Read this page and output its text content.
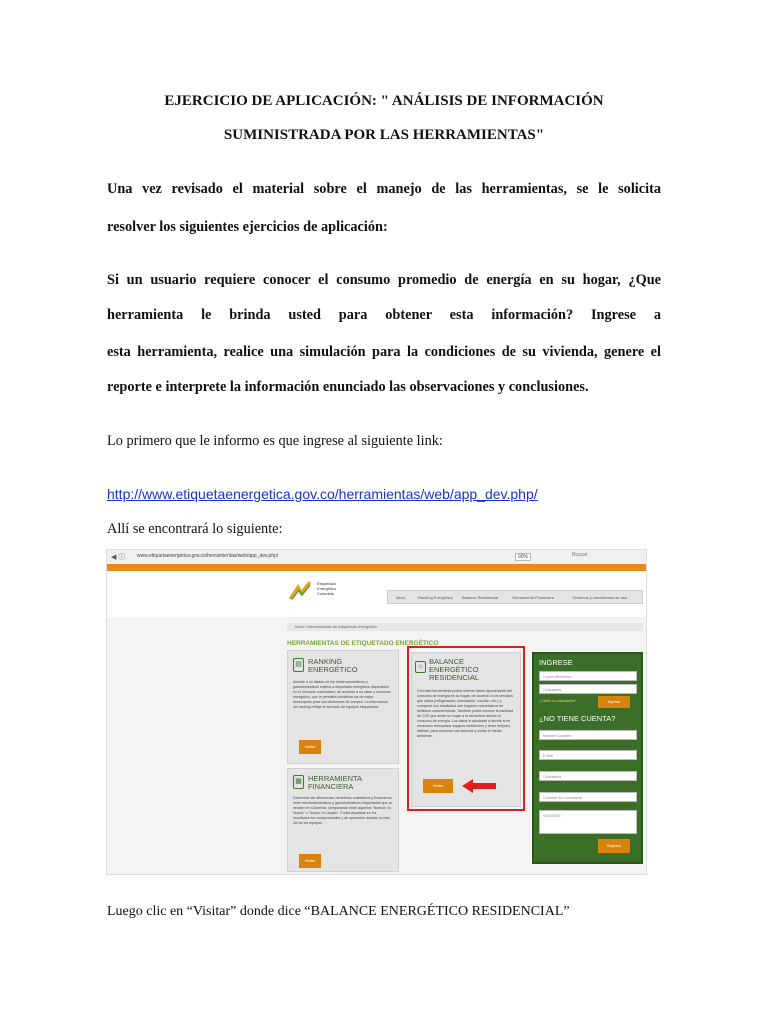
EJERCICIO DE APLICACIÓN: " ANÁLISIS DE INFORMACIÓN

SUMINISTRADA POR LAS HERRAMIENTAS"

Una vez revisado el material sobre el manejo de las herramientas, se le solicita

resolver los siguientes ejercicios de aplicación:

Si un usuario requiere conocer el consumo promedio de energía en su hogar, ¿Que

herramienta le brinda usted para obtener esta información? Ingrese a

esta herramienta, realice una simulación para la condiciones de su vivienda, genere el

reporte e interprete la información enunciado las observaciones y conclusiones.

Lo primero que le informo es que ingrese al siguiente link:

http://www.etiquetaenergetica.gov.co/herramientas/web/app_dev.php/

Allí se encontrará lo siguiente:

◀ ⓘ www.etiquetaenergetica.gov.co/herramientas/web/app_dev.php/	90%	Buscar
Etiquetado Energético Colombia
Inicio	Ranking Energético Balance Residencial	Herramienta Financiera	Términos y condiciones de uso
Inicio / Herramientas de etiquetado energético
HERRAMIENTAS DE ETIQUETADO ENERGÉTICO
▤ RANKING
ENERGÉTICO
Accede a un listado de los electrodomésticos y gasodomésticos sujetos a etiquetado energético disponibles en el mercado colombiano, de acuerdo a su clase y consumo energético, que le permitirá identificar los de mejor desempeño para sus decisiones de compra. La información del ranking refleja el mercado de equipos etiquetados.
Visitar
⌂
BALANCE
ENERGÉTICO
RESIDENCIAL
Con esta herramienta podrá obtener datos aproximados del consumo de energía en su hogar, de acuerdo a los servicios que utiliza (refrigeración, iluminación, cocción, etc.) y comparar sus resultados con hogares colombianos de similares características. También podrá conocer la cantidad de CO2 que emite su hogar a la atmósfera debido al consumo de energía. Los datos le ayudarán a decidir si es necesario reemplazar equipos ineficientes y tener mejores hábitos, para aminorar sus facturas y cuidar el medio ambiente.
Visitar
▦ HERRAMIENTA
FINANCIERA
Determine las diferencias, beneficios cualitativos y financieros entre electrodomésticos y gasodomésticos etiquetados que se venden en Colombia, comparando entre aquellos "Nuevos Vs Nuevo" o "Nuevo Vs Usado". Podrá visualizar en los resultados los costos iniciales y de operación durante la vida útil de los equipos.
Visitar
INGRESE
Correo electrónico
Contraseña
¿Olvidó su contraseña?	Ingresar
¿NO TIENE CUENTA?
Nombre Completo
E-Mail
Contraseña
Confirme Su Contraseña
VISITANTE
Registrar

Luego clic en “Visitar” donde dice “BALANCE ENERGÉTICO RESIDENCIAL”
